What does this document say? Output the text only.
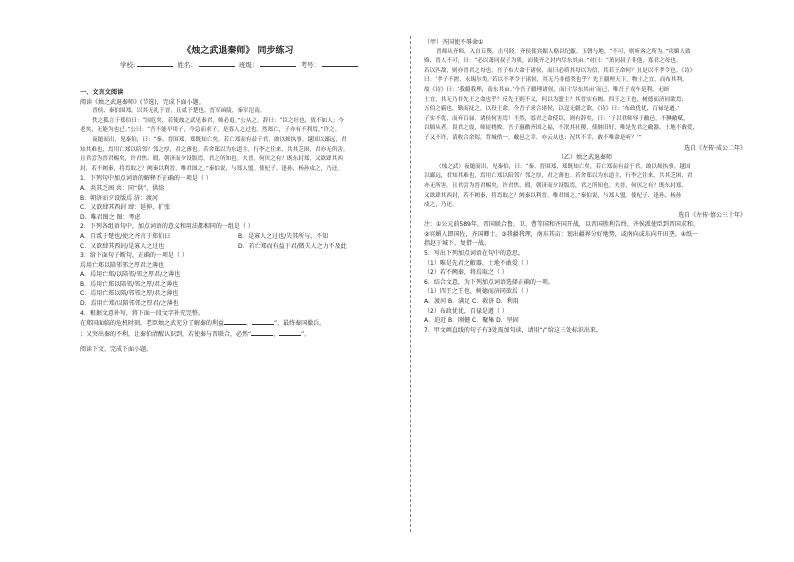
《烛之武退秦师》 同步练习
学校:	姓名：	班级：	考号：
一、文言文阅读
阅读《烛之武退秦师》(节选)，完成下面小题。
晋侯、秦伯围郑，以其无礼于晋，且贰于楚也。晋军函陵，秦军氾南。
佚之狐言于郑伯曰：“国危矣，若使烛之武见秦君，师必退。”公从之。辞曰：“臣之壮也，犹不如人；今
老矣，无能为也已。”公曰：“吾不能早用子，今急而求子，是寡人之过也。然郑亡，子亦有不利焉。”许之。
夜缒而出，见秦伯，曰：“秦、晋围郑，郑既知亡矣。若亡郑而有益于君，敢以烦执事。越国以鄙远，君
知其难也，焉用亡郑以陪邻？邻之厚，君之薄也。若舍郑以为东道主，行李之往来，共其乏困，君亦无所害。
且君尝为晋君赐矣，许君焦、瑕，朝济而夕设版焉，君之所知也。夫晋，何厌之有？既东封郑，又欲肆其西
封，若不阙秦，将焉取之？阙秦以利晋，唯君图之。”秦伯说，与郑人盟。使杞子、逢孙、杨孙戍之，乃还。
1．下列句中加点词语的解释不正确的一项是（ ）
A．共其乏困 共：同“供”，供给
B．朝济而夕设版焉 济：渡河
C．又欲肆其西封 肆：延伸、扩张
D．唯君图之 图：考虑
2．下列各组语句中，加点词语的意义和用法都相同的一组是（ ）
A．且贰于楚也/使之齐言于郑伯曰	B．是寡人之过也/失其所与，不知
C．又欲肆其西封/是寡人之过也	D．若亡郑而有益于君/微夫人之力不及此
3．给下面句子断句，正确的一项是（ ）
焉用亡郑以陪邻邻之厚君之薄也
A．焉用亡郑/以陪邻/邻之厚君/之薄也
B．焉用亡郑以陪邻/邻之厚/君之薄也
C．焉用亡郑以陪/邻邻之厚/君之薄也
D．焉用亡郑/以陪邻邻之厚君/之薄也
4．根据文意补写，将下面一段文字补充完整。
在郑国面临的危机时刻，老臣烛之武充分了解秦的利益	，	”，最终秦国撤兵。
；又突出秦的不利，让秦伯清醒认识到，若使秦与晋联合，必然“	，	”。
阅读下文，完成下面小题。
（甲）齐国使不辱命①
晋师从齐师，入自丘舆，击马陉。齐侯使宾媚人赂以纪甗、玉磬与地。“不可，则听客之所为。”宾媚人致
赂，晋人不可，曰：“必以萧同叔子为质，而使齐之封内尽东其亩。”对曰：“萧同叔子非他，寡君之母也。
若以匹敌，则亦晋君之母也。吾子布大命于诸侯，而曰必质其母以为信，其若王命何？且是以不孝令也。《诗》
曰：‘孝子不匮，永锡尔类。’若以不孝令于诸侯，其无乃非德类也乎？先王疆理天下，物土之宜，而布其利，
故《诗》曰：‘我疆我理，南东其亩。’今吾子疆理诸侯，而曰‘尽东其亩’而已，唯吾子戎车是利，无顾
土宜，其无乃非先王之命也乎？反先王则不义，何以为盟主？其晋实有阙。四王之王也，树德而济同欲焉；
五伯之霸也，勤而抚之，以役王命。今吾子求合诸侯，以逞无疆之欲。《诗》曰：‘布政优优，百禄是遒。’
子实不优，而弃百禄，诸侯何害焉！不然，寡君之命使臣，则有辞矣，曰：‘子以君师辱于敝邑，不腆敝赋，
以犒从者。畏君之震，师徒桡败。吾子惠徼齐国之福，不泯其社稷，使继旧好，唯是先君之敝器、土地不敢爱，
子又不许，请收合余烬，背城借一。敝邑之幸，亦云从也；况其不幸，敢不唯命是听？’”
选自《左传·成公二年》
（乙）烛之武退秦师
（烛之武）夜缒而出，见秦伯，曰：“秦、晋围郑，郑既知亡矣。若亡郑而有益于君，敢以烦执事。越国
以鄙远，君知其难也，焉用亡郑以陪邻？邻之厚，君之薄也。若舍郑以为东道主，行李之往来，共其乏困，君
亦无所害。且君尝为晋君赐矣，许君焦、瑕，朝济而夕设版焉，君之所知也。夫晋，何厌之有？既东封郑，
又欲肆其西封，若不阙秦，将焉取之？阙秦以利晋，唯君图之。”秦伯说，与郑人盟。使杞子、逢孙、杨孙
戍之，乃还。
选自《左传·僖公三十年》
注：①公元前589年，晋国联合鲁、卫、曹等国和齐国开战，以晋国胜利告终，齐侯派使臣到晋国求和。
②宾媚人即国佐，齐国卿士。③我疆我理，南东其亩：划出疆界分好地势，或南向或东向开田垄。④纸一
指赵于城下，复借一战。
5．写出下列加点词语在句中的意思。
（1）唯是先君之敝器、土地不敢爱（ ）
（2）若不阙秦，将焉取之（ ）
6．结合文意，为下列加点词语选择正确的一项。
（1）四王之王也，树德而济同欲焉（ ）
A．渡河 B．满足 C．救济 D．利用
（2）布政优优，百禄是遒（ ）
A．迫近 B．刚健 C．聚集 D．坚固
7．甲文画直线的句子有3处需加句读，请用“/”给这三处标识出来。
